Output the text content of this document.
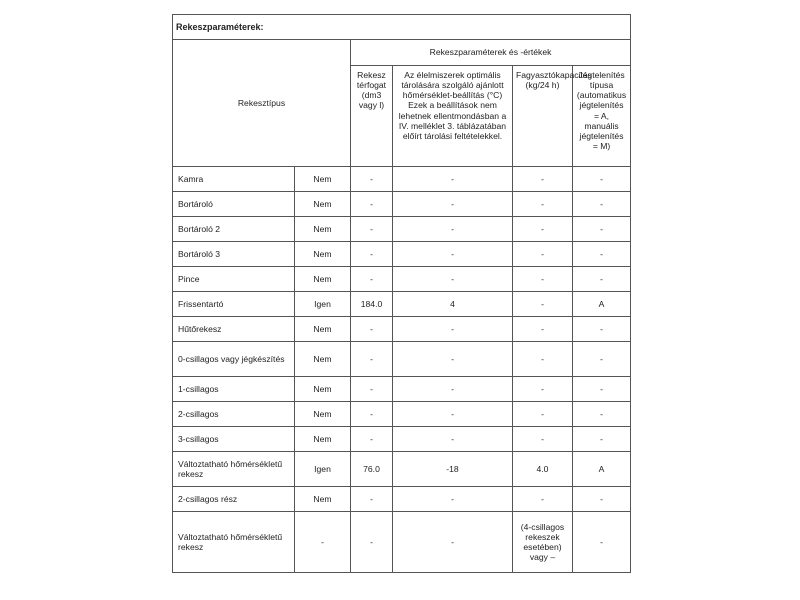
Rekeszparaméterek:					
Rekesztípus		Rekeszparaméterek és -értékek			
		Rekesz térfogat (dm3 vagy l)	Az élelmiszerek optimális tárolására szolgáló ajánlott hőmérséklet-beállítás (°C) Ezek a beállítások nem lehetnek ellentmondásban a IV. melléklet 3. táblázatában előírt tárolási feltételekkel.	Fagyasztókapacitás (kg/24 h)	Jégtelenítés típusa (automatikus jégtelenítés = A, manuális jégtelenítés = M)
Kamra	Nem	-	-	-	-
Bortároló	Nem	-	-	-	-
Bortároló 2	Nem	-	-	-	-
Bortároló 3	Nem	-	-	-	-
Pince	Nem	-	-	-	-
Frissentartó	Igen	184.0	4	-	A
Hűtőrekesz	Nem	-	-	-	-
0-csillagos vagy jégkészítés	Nem	-	-	-	-
1-csillagos	Nem	-	-	-	-
2-csillagos	Nem	-	-	-	-
3-csillagos	Nem	-	-	-	-
Változtatható hőmérsékletű rekesz	Igen	76.0	-18	4.0	A
2-csillagos rész	Nem	-	-	-	-
Változtatható hőmérsékletű rekesz	-	-	-	(4-csillagos rekeszek esetében) vagy –	-
